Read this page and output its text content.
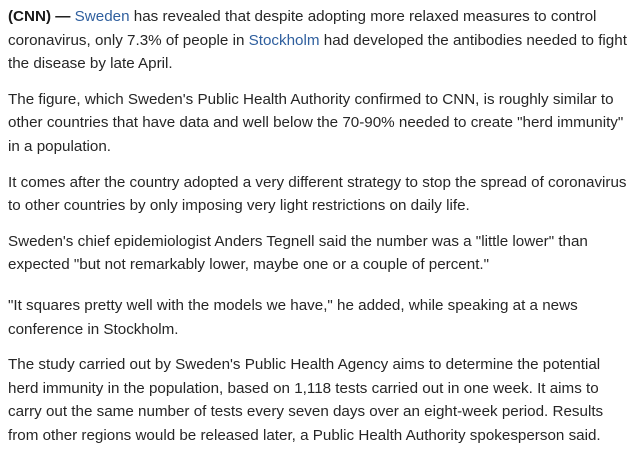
(CNN) — Sweden has revealed that despite adopting more relaxed measures to control coronavirus, only 7.3% of people in Stockholm had developed the antibodies needed to fight the disease by late April.

The figure, which Sweden's Public Health Authority confirmed to CNN, is roughly similar to other countries that have data and well below the 70-90% needed to create "herd immunity" in a population.

It comes after the country adopted a very different strategy to stop the spread of coronavirus to other countries by only imposing very light restrictions on daily life.

Sweden's chief epidemiologist Anders Tegnell said the number was a "little lower" than expected "but not remarkably lower, maybe one or a couple of percent."

"It squares pretty well with the models we have," he added, while speaking at a news conference in Stockholm.

The study carried out by Sweden's Public Health Agency aims to determine the potential herd immunity in the population, based on 1,118 tests carried out in one week. It aims to carry out the same number of tests every seven days over an eight-week period. Results from other regions would be released later, a Public Health Authority spokesperson said.
